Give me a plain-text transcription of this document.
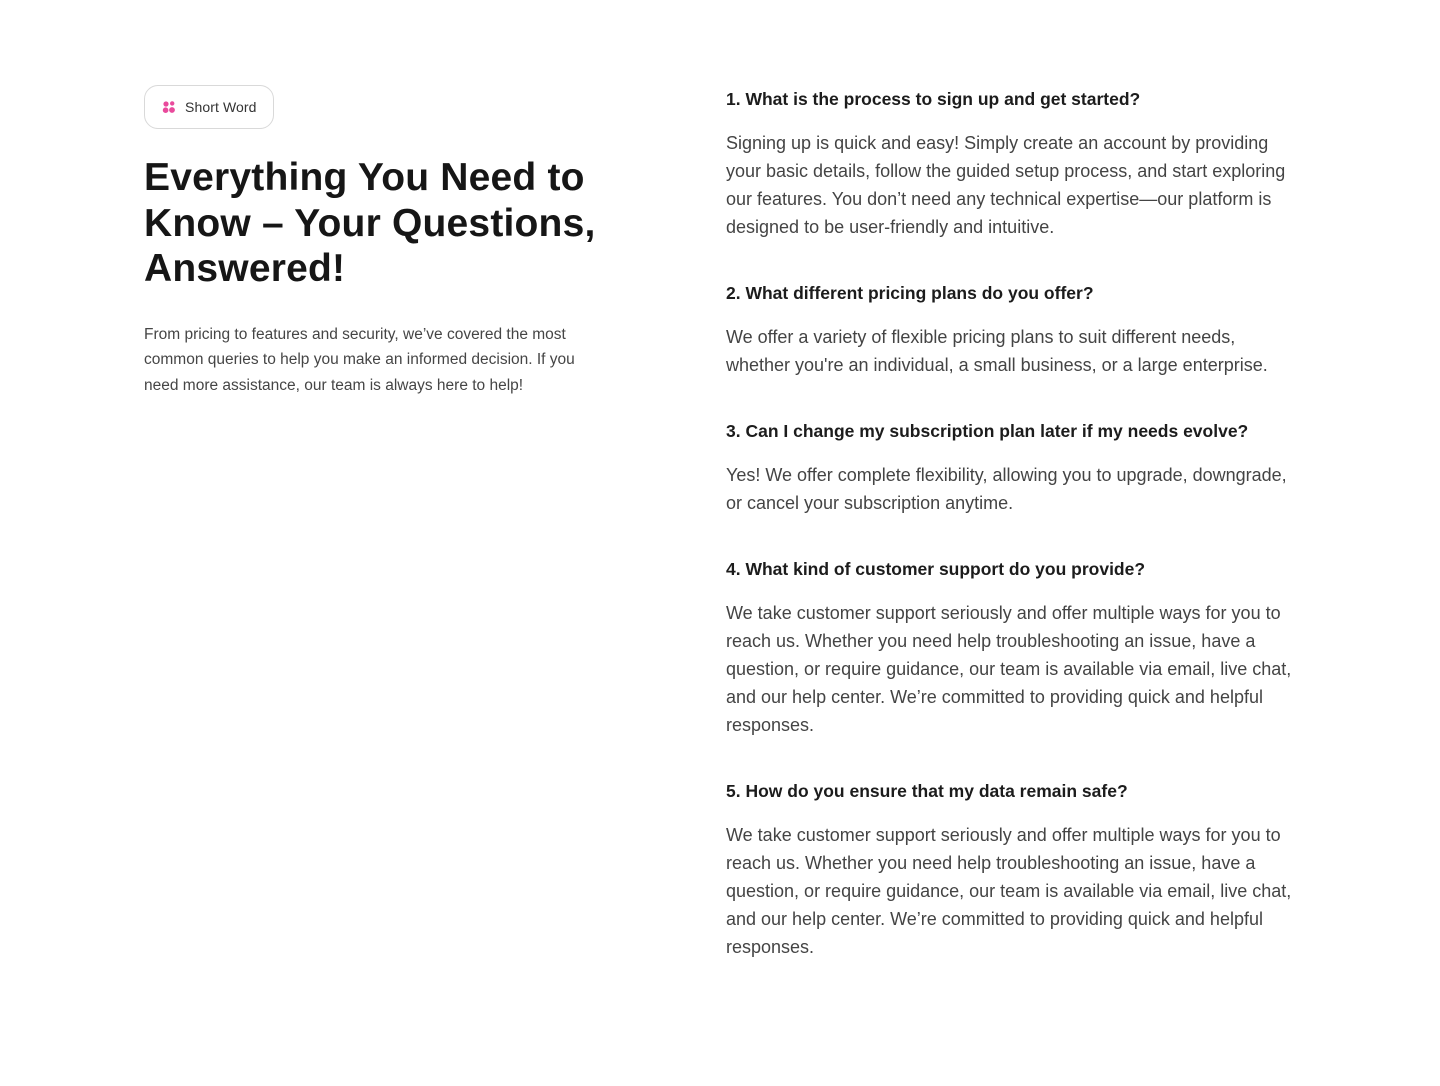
Short Word
Everything You Need to Know – Your Questions, Answered!

From pricing to features and security, we’ve covered the most common queries to help you make an informed decision. If you need more assistance, our team is always here to help!

1. What is the process to sign up and get started?

Signing up is quick and easy! Simply create an account by providing your basic details, follow the guided setup process, and start exploring our features. You don’t need any technical expertise—our platform is designed to be user-friendly and intuitive.

2. What different pricing plans do you offer?

We offer a variety of flexible pricing plans to suit different needs, whether you're an individual, a small business, or a large enterprise.

3. Can I change my subscription plan later if my needs evolve?

Yes! We offer complete flexibility, allowing you to upgrade, downgrade, or cancel your subscription anytime.

4. What kind of customer support do you provide?

We take customer support seriously and offer multiple ways for you to reach us. Whether you need help troubleshooting an issue, have a question, or require guidance, our team is available via email, live chat, and our help center. We’re committed to providing quick and helpful responses.

5. How do you ensure that my data remain safe?

We take customer support seriously and offer multiple ways for you to reach us. Whether you need help troubleshooting an issue, have a question, or require guidance, our team is available via email, live chat, and our help center. We’re committed to providing quick and helpful responses.
